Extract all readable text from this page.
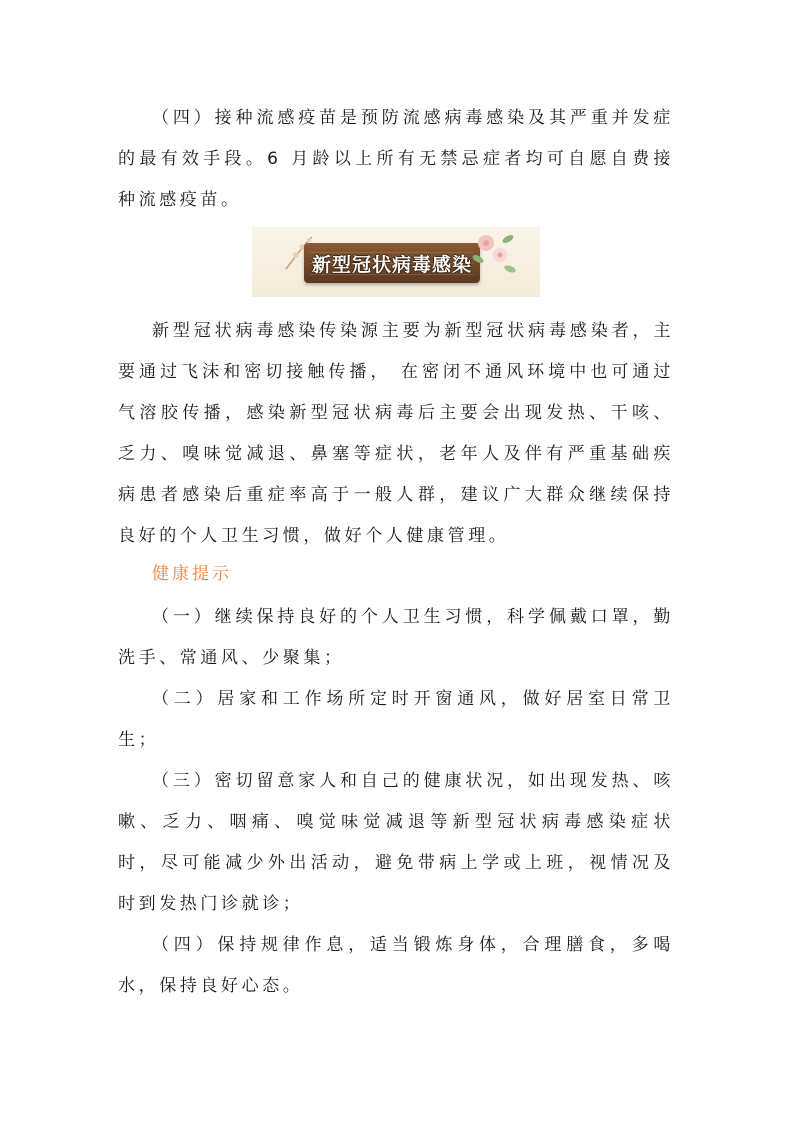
（四）接种流感疫苗是预防流感病毒感染及其严重并发症的最有效手段。6 月龄以上所有无禁忌症者均可自愿自费接种流感疫苗。

新型冠状病毒感染

新型冠状病毒感染传染源主要为新型冠状病毒感染者，主要通过飞沫和密切接触传播， 在密闭不通风环境中也可通过气溶胶传播，感染新型冠状病毒后主要会出现发热、干咳、乏力、嗅味觉减退、鼻塞等症状，老年人及伴有严重基础疾病患者感染后重症率高于一般人群，建议广大群众继续保持良好的个人卫生习惯，做好个人健康管理。

健康提示

（一）继续保持良好的个人卫生习惯，科学佩戴口罩，勤洗手、常通风、少聚集；

（二）居家和工作场所定时开窗通风，做好居室日常卫生；

（三）密切留意家人和自己的健康状况，如出现发热、咳嗽、乏力、咽痛、嗅觉味觉减退等新型冠状病毒感染症状时，尽可能减少外出活动，避免带病上学或上班，视情况及时到发热门诊就诊；

（四）保持规律作息，适当锻炼身体，合理膳食，多喝水，保持良好心态。
